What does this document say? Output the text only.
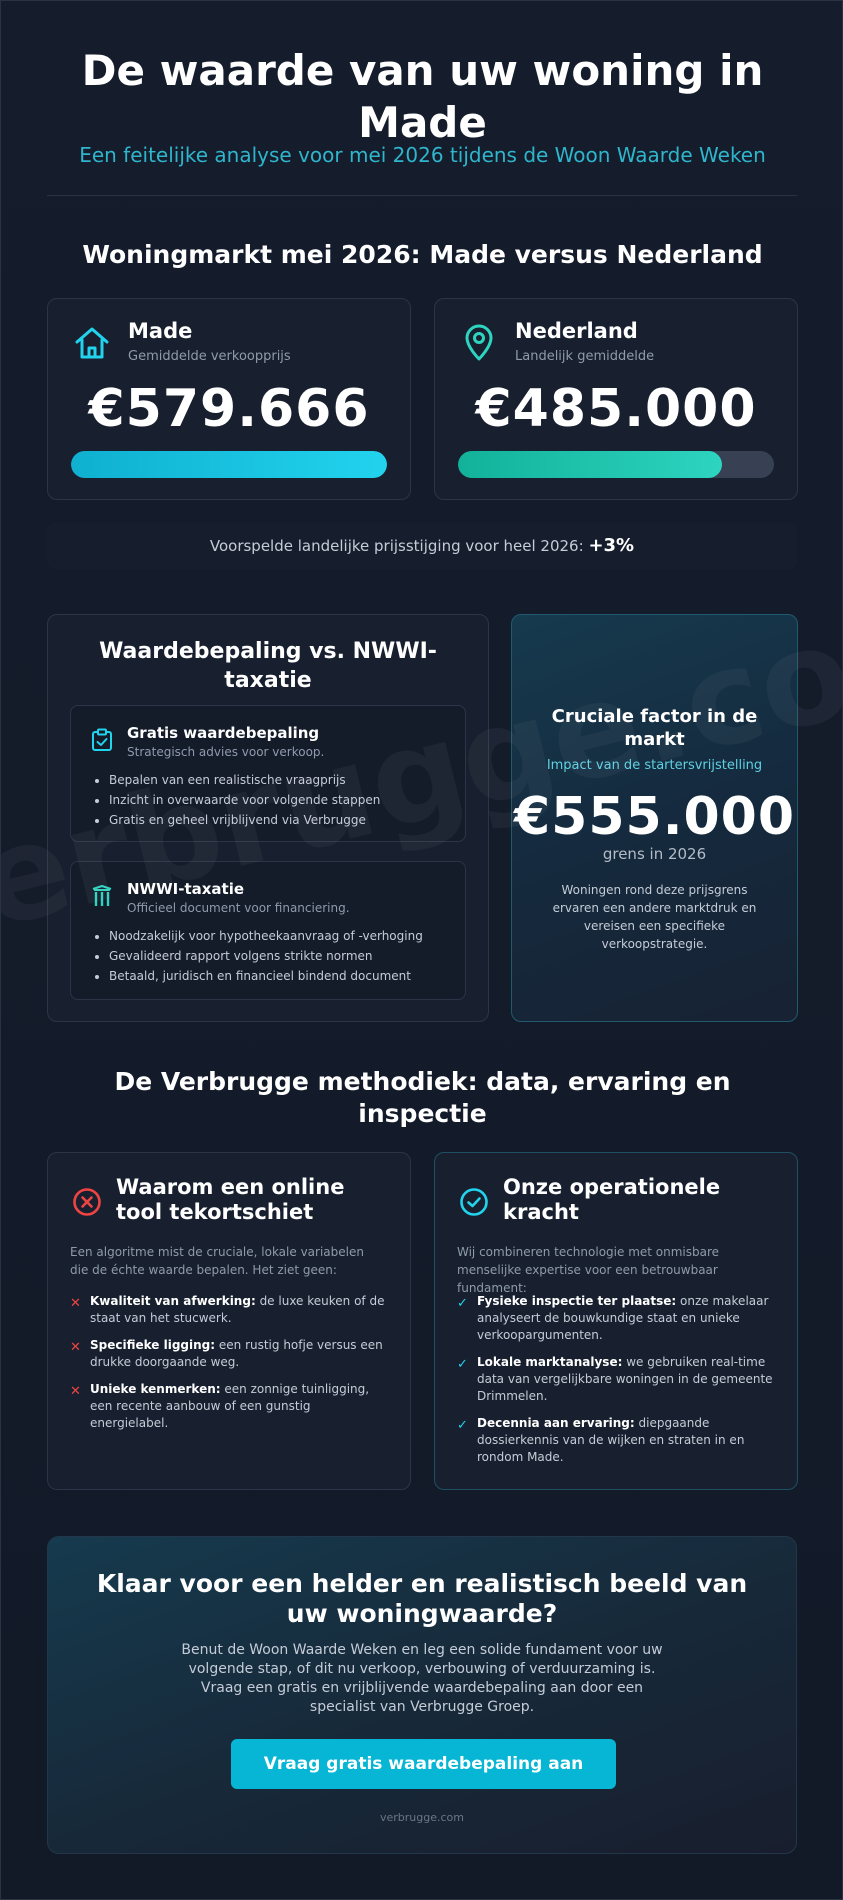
De waarde van uw woning in Made
Een feitelijke analyse voor mei 2026 tijdens de Woon Waarde Weken
Woningmarkt mei 2026: Made versus Nederland
Made
Gemiddelde verkoopprijs
€579.666
Nederland
Landelijk gemiddelde
€485.000
Voorspelde landelijke prijsstijging voor heel 2026: +3%
Waardebepaling vs. NWWI-taxatie
Gratis waardebepaling
Strategisch advies voor verkoop.
• Bepalen van een realistische vraagprijs
• Inzicht in overwaarde voor volgende stappen
• Gratis en geheel vrijblijvend via Verbrugge
NWWI-taxatie
Officieel document voor financiering.
• Noodzakelijk voor hypotheekaanvraag of -verhoging
• Gevalideerd rapport volgens strikte normen
• Betaald, juridisch en financieel bindend document
Cruciale factor in de markt
Impact van de startersvrijstelling
€555.000
grens in 2026
Woningen rond deze prijsgrens ervaren een andere marktdruk en vereisen een specifieke verkoopstrategie.
De Verbrugge methodiek: data, ervaring en inspectie
Waarom een online tool tekortschiet
Een algoritme mist de cruciale, lokale variabelen die de échte waarde bepalen. Het ziet geen:
✕ Kwaliteit van afwerking: de luxe keuken of de staat van het stucwerk.
✕ Specifieke ligging: een rustig hofje versus een drukke doorgaande weg.
✕ Unieke kenmerken: een zonnige tuinligging, een recente aanbouw of een gunstig energielabel.
Onze operationele kracht
Wij combineren technologie met onmisbare menselijke expertise voor een betrouwbaar fundament:
✓ Fysieke inspectie ter plaatse: onze makelaar analyseert de bouwkundige staat en unieke verkoopargumenten.
✓ Lokale marktanalyse: we gebruiken real-time data van vergelijkbare woningen in de gemeente Drimmelen.
✓ Decennia aan ervaring: diepgaande dossierkennis van de wijken en straten in en rondom Made.
Klaar voor een helder en realistisch beeld van uw woningwaarde?
Benut de Woon Waarde Weken en leg een solide fundament voor uw volgende stap, of dit nu verkoop, verbouwing of verduurzaming is. Vraag een gratis en vrijblijvende waardebepaling aan door een specialist van Verbrugge Groep.
Vraag gratis waardebepaling aan
verbrugge.com
